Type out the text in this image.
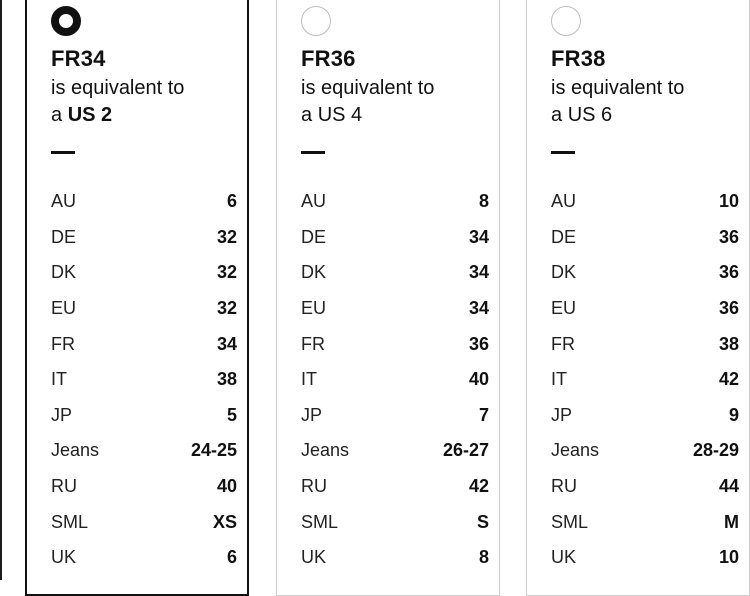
FR34
is equivalent to
a US 2
AU	6
DE	32
DK	32
EU	32
FR	34
IT	38
JP	5
Jeans	24-25
RU	40
SML	XS
UK	6
FR36
is equivalent to
a US 4
AU	8
DE	34
DK	34
EU	34
FR	36
IT	40
JP	7
Jeans	26-27
RU	42
SML	S
UK	8
FR38
is equivalent to
a US 6
AU	10
DE	36
DK	36
EU	36
FR	38
IT	42
JP	9
Jeans	28-29
RU	44
SML	M
UK	10
